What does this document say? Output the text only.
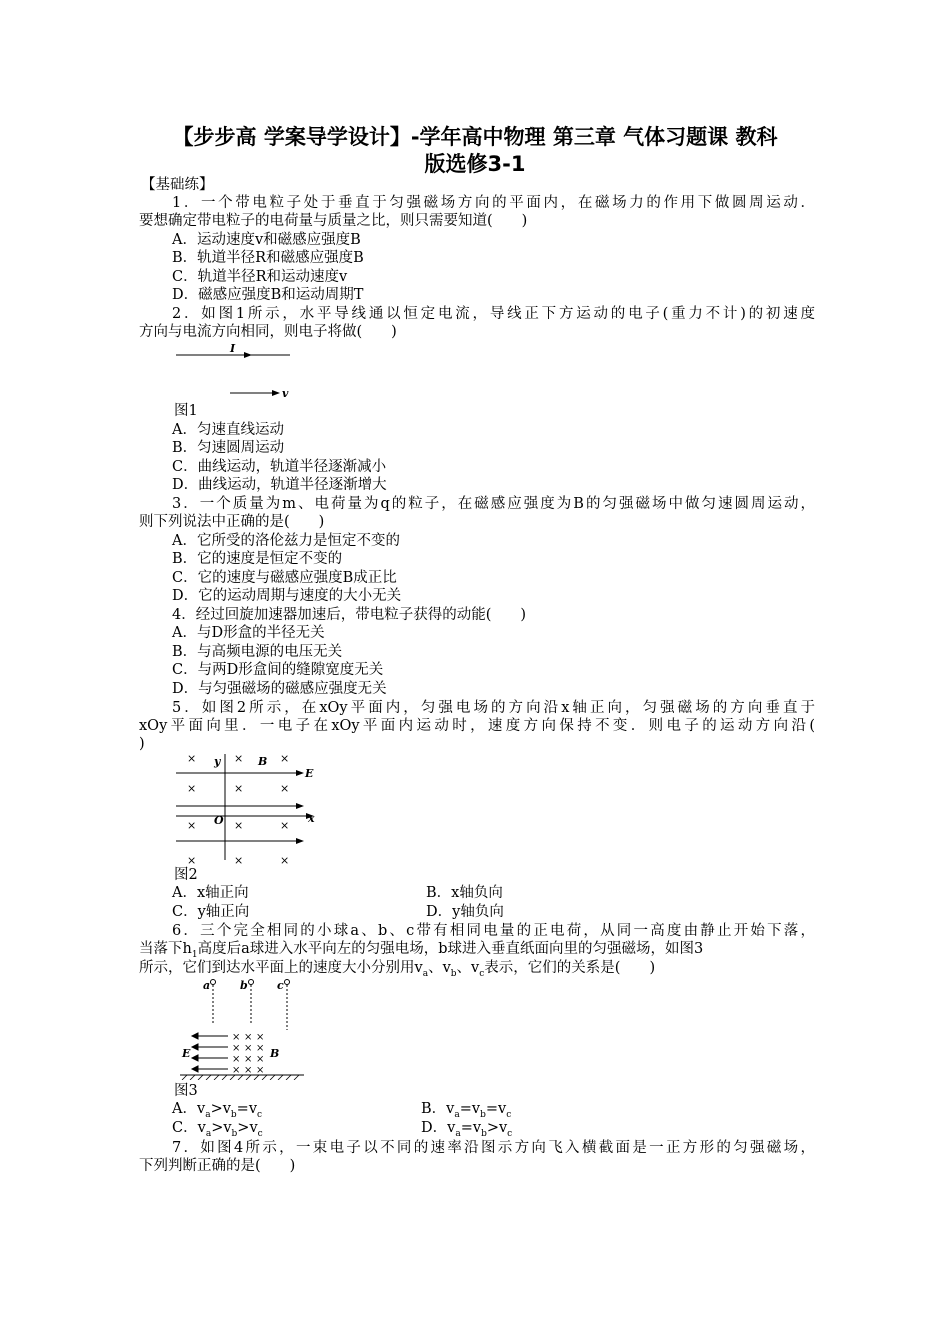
【步步高 学案导学设计】-学年高中物理 第三章 气体习题课 教科
版选修3-1
【基础练】
1．一个带电粒子处于垂直于匀强磁场方向的平面内，在磁场力的作用下做圆周运动．
要想确定带电粒子的电荷量与质量之比，则只需要知道(　　)
A．运动速度v和磁感应强度B
B．轨道半径R和磁感应强度B
C．轨道半径R和运动速度v
D．磁感应强度B和运动周期T
2．如图1所示，水平导线通以恒定电流，导线正下方运动的电子(重力不计)的初速度
方向与电流方向相同，则电子将做(　　)
I
v
图1
A．匀速直线运动
B．匀速圆周运动
C．曲线运动，轨道半径逐渐减小
D．曲线运动，轨道半径逐渐增大
3．一个质量为m、电荷量为q的粒子，在磁感应强度为B的匀强磁场中做匀速圆周运动，
则下列说法中正确的是(　　)
A．它所受的洛伦兹力是恒定不变的
B．它的速度是恒定不变的
C．它的速度与磁感应强度B成正比
D．它的运动周期与速度的大小无关
4．经过回旋加速器加速后，带电粒子获得的动能(　　)
A．与D形盒的半径无关
B．与高频电源的电压无关
C．与两D形盒间的缝隙宽度无关
D．与匀强磁场的磁感应强度无关
5．如图2所示，在xOy平面内，匀强电场的方向沿x轴正向，匀强磁场的方向垂直于
xOy平面向里．一电子在xOy平面内运动时，速度方向保持不变．则电子的运动方向沿(
)
×	×	×
×	×	×
×	×	×
×	×	×
y	B
E
O	x
图2
A．x轴正向	B．x轴负向
C．y轴正向	D．y轴负向
6．三个完全相同的小球a、b、c带有相同电量的正电荷，从同一高度由静止开始下落，
当落下$h_1$高度后a球进入水平向左的匀强电场，b球进入垂直纸面向里的匀强磁场，如图3
所示，它们到达水平面上的速度大小分别用$v_a$、$v_b$、$v_c$表示，它们的关系是(　　)
a	b	c
× × ×
× × ×
× × ×
× × ×
E	B
图3
A．$v_a>v_b=v_c$	B．$v_a=v_b=v_c$
C．$v_a>v_b>v_c$	D．$v_a=v_b>v_c$
7．如图4所示，一束电子以不同的速率沿图示方向飞入横截面是一正方形的匀强磁场，
下列判断正确的是(　　)
